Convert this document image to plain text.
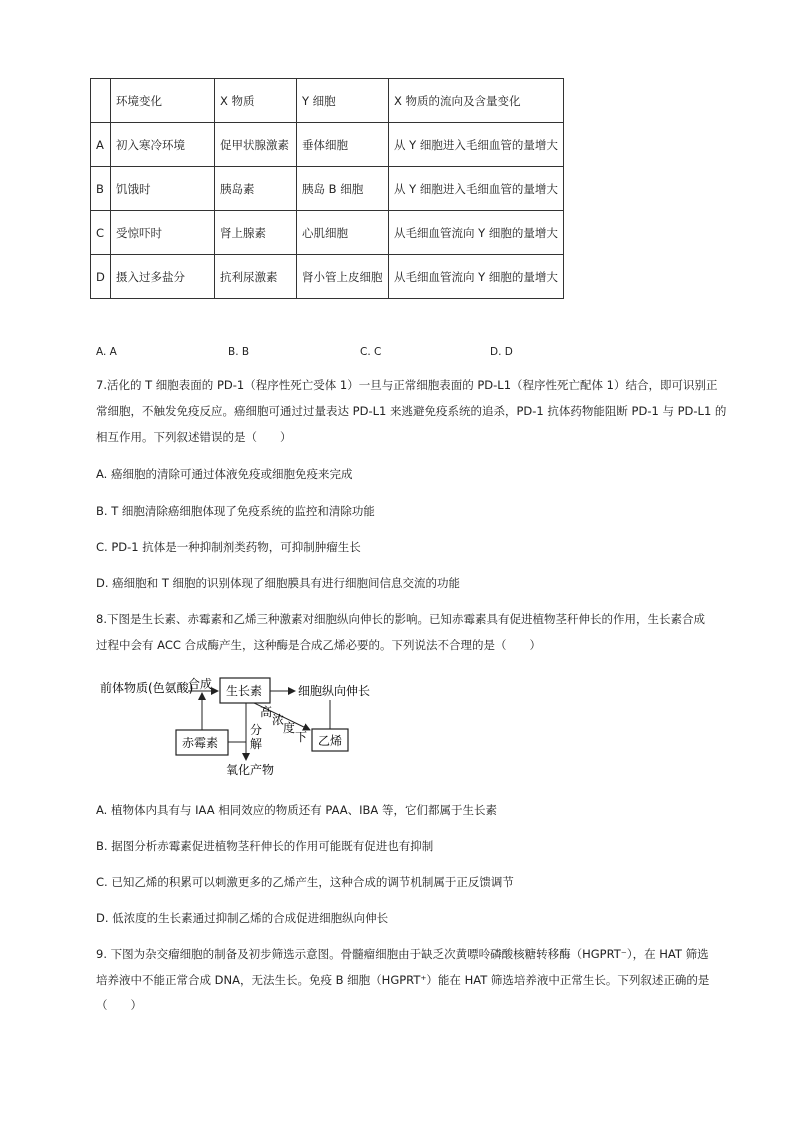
	环境变化	X 物质	Y 细胞	X 物质的流向及含量变化
A	初入寒冷环境	促甲状腺激素	垂体细胞	从 Y 细胞进入毛细血管的量增大
B	饥饿时	胰岛素	胰岛 B 细胞	从 Y 细胞进入毛细血管的量增大
C	受惊吓时	肾上腺素	心肌细胞	从毛细血管流向 Y 细胞的量增大
D	摄入过多盐分	抗利尿激素	肾小管上皮细胞	从毛细血管流向 Y 细胞的量增大
A. A	B. B	C. C	D. D
7.活化的 T 细胞表面的 PD-1（程序性死亡受体 1）一旦与正常细胞表面的 PD-L1（程序性死亡配体 1）结合，即可识别正
常细胞，不触发免疫反应。癌细胞可通过过量表达 PD-L1 来逃避免疫系统的追杀，PD-1 抗体药物能阻断 PD-1 与 PD-L1 的
相互作用。下列叙述错误的是（　　）
A. 癌细胞的清除可通过体液免疫或细胞免疫来完成
B. T 细胞清除癌细胞体现了免疫系统的监控和清除功能
C. PD-1 抗体是一种抑制剂类药物，可抑制肿瘤生长
D. 癌细胞和 T 细胞的识别体现了细胞膜具有进行细胞间信息交流的功能
8.下图是生长素、赤霉素和乙烯三种激素对细胞纵向伸长的影响。已知赤霉素具有促进植物茎秆伸长的作用，生长素合成
过程中会有 ACC 合成酶产生，这种酶是合成乙烯必要的。下列说法不合理的是（　　）
前体物质(色氨酸)
合成 生长素	细胞纵向伸长
赤霉素
分
解
氧化产物
高
浓
度
下 乙烯
A. 植物体内具有与 IAA 相同效应的物质还有 PAA、IBA 等，它们都属于生长素
B. 据图分析赤霉素促进植物茎秆伸长的作用可能既有促进也有抑制
C. 已知乙烯的积累可以刺激更多的乙烯产生，这种合成的调节机制属于正反馈调节
D. 低浓度的生长素通过抑制乙烯的合成促进细胞纵向伸长
9. 下图为杂交瘤细胞的制备及初步筛选示意图。骨髓瘤细胞由于缺乏次黄嘌呤磷酸核糖转移酶（HGPRT⁻），在 HAT 筛选
培养液中不能正常合成 DNA，无法生长。免疫 B 细胞（HGPRT⁺）能在 HAT 筛选培养液中正常生长。下列叙述正确的是
（　　）
